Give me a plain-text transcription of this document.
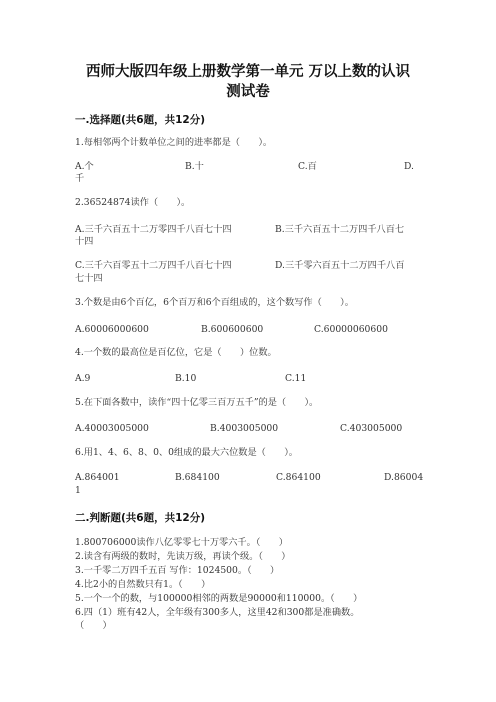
西师大版四年级上册数学第一单元 万以上数的认识
测试卷
一.选择题(共6题，共12分)
1.每相邻两个计数单位之间的进率都是（　　）。
A.个	B.十	C.百	D.
千
2.36524874读作（　　）。
A.三千六百五十二万零四千八百七十四	B.三千六百五十二万四千八百七
十四
C.三千六百零五十二万四千八百七十四	D.三千零六百五十二万四千八百
七十四
3.个数是由6个百亿，6个百万和6个百组成的，这个数写作（　　）。
A.60006000600	B.600600600	C.60000060600
4.一个数的最高位是百亿位，它是（　　）位数。
A.9	B.10	C.11
5.在下面各数中，读作“四十亿零三百万五千”的是（　　）。
A.40003005000	B.4003005000	C.403005000
6.用1、4、6、8、0、0组成的最大六位数是（　　）。
A.864001	B.684100	C.864100	D.86004
1
二.判断题(共6题，共12分)
1.800706000读作八亿零零七十万零六千。（　　）
2.读含有两级的数时，先读万级，再读个级。（　　）
3.一千零二万四千五百 写作：1024500。（　　）
4.比2小的自然数只有1。（　　）
5.一个一个的数，与100000相邻的两数是90000和110000。（　　）
6.四（1）班有42人，全年级有300多人，这里42和300都是准确数。
（　　）
